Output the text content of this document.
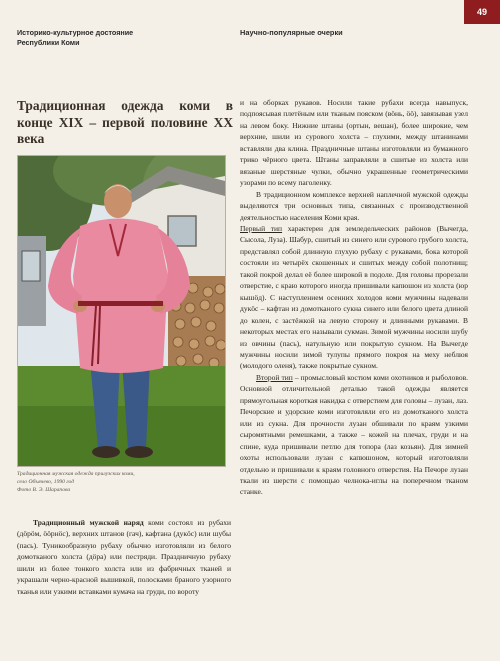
Историко-культурное достояние
Республики Коми
Научно-популярные очерки
49
Традиционная одежда коми в конце XIX – первой половине XX века
Традиционная мужская одежда прилузских коми,
село Объячево, 1990 год
Фото В. Э. Шарапова

Традиционный мужской наряд коми состоял из рубахи (дӧрӧм, ӧӧрнӧс), верхних штанов (гач), кафтана (дукӧс) или шубы (пась). Туникообразную рубаху обычно изготовляли из белого домотканого холста (дӧра) или пестряди. Праздничную рубаху шили из более тонкого холста или из фабричных тканей и украшали черно-красной вышивкой, полосками браного узорного тканья или узкими вставками кумача на груди, по вороту

и на оборках рукавов. Носили такие рубахи всегда навыпуск, подпоясывая плетёным или тканым пояском (вӧнь, ӧӧ), завязывая узел на левом боку. Нижние штаны (ортын, вешан), более широкие, чем верхние, шили из сурового холста – глухими, между штанинами вставляли два клина. Праздничные штаны изготовляли из бумажного трико чёрного цвета. Штаны заправляли в сшитые из холста или вязаные шерстяные чулки, обычно украшенные геометрическими узорами по всему паголенку.

В традиционном комплексе верхней наплечной мужской одежды выделяются три основных типа, связанных с производственной деятельностью населения Коми края.

Первый тип характерен для земледельческих районов (Вычегда, Сысола, Луза). Шабур, сшитый из синего или сурового грубого холста, представлял собой длинную глухую рубаху с рукавами, бока которой состояли из четырёх скошенных и сшитых между собой полотнищ; такой покрой делал её более широкой в подоле. Для головы прорезали отверстие, с краю которого иногда пришивали капюшон из холста (юр кышӧд). С наступлением осенних холодов коми мужчины надевали дукӧс – кафтан из домотканого сукна синего или белого цвета длиной до колен, с застёжкой на левую сторону и длинными рукавами. В некоторых местах его называли сукман. Зимой мужчины носили шубу из овчины (пась), натульную или покрытую сукном. На Вычегде мужчины носили зимой тулупы прямого покроя на меху неблюя (молодого оленя), также покрытые сукном.

Второй тип – промысловый костюм коми охотников и рыболовов. Основной отличительной деталью такой одежды является прямоугольная короткая накидка с отверстием для головы – лузан, лаз. Печорские и удорские коми изготовляли его из домотканого холста или из сукна. Для прочности лузан обшивали по краям узкими сыромятными ремешками, а также – кожей на плечах, груди и на спине, куда пришивали петлю для топора (лаз козьян). Для зимней охоты использовали лузан с капюшоном, который изготовляли отдельно и пришивали к краям головного отверстия. На Печоре лузан ткали из шерсти с помощью челнока-иглы на поперечном тканом станке.
